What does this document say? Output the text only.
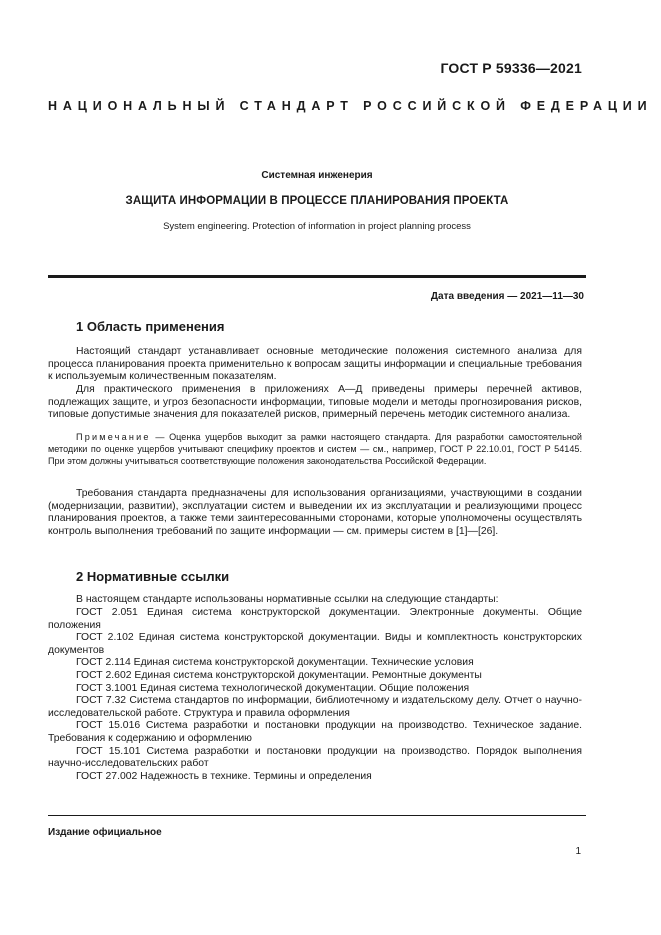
ГОСТ Р 59336—2021
НАЦИОНАЛЬНЫЙ СТАНДАРТ РОССИЙСКОЙ ФЕДЕРАЦИИ
Системная инженерия
ЗАЩИТА ИНФОРМАЦИИ В ПРОЦЕССЕ ПЛАНИРОВАНИЯ ПРОЕКТА
System engineering. Protection of information in project planning process
Дата введения — 2021—11—30
1 Область применения

Настоящий стандарт устанавливает основные методические положения системного анализа для процесса планирования проекта применительно к вопросам защиты информации и специальные требования к используемым количественным показателям.

Для практического применения в приложениях А—Д приведены примеры перечней активов, подлежащих защите, и угроз безопасности информации, типовые модели и методы прогнозирования рисков, типовые допустимые значения для показателей рисков, примерный перечень методик системного анализа.

Примечание — Оценка ущербов выходит за рамки настоящего стандарта. Для разработки самостоятельной методики по оценке ущербов учитывают специфику проектов и систем — см., например, ГОСТ Р 22.10.01, ГОСТ Р 54145. При этом должны учитываться соответствующие положения законодательства Российской Федерации.

Требования стандарта предназначены для использования организациями, участвующими в создании (модернизации, развитии), эксплуатации систем и выведении их из эксплуатации и реализующими процесс планирования проектов, а также теми заинтересованными сторонами, которые уполномочены осуществлять контроль выполнения требований по защите информации — см. примеры систем в [1]—[26].

2 Нормативные ссылки

В настоящем стандарте использованы нормативные ссылки на следующие стандарты:

ГОСТ 2.051 Единая система конструкторской документации. Электронные документы. Общие положения
ГОСТ 2.102 Единая система конструкторской документации. Виды и комплектность конструкторских документов
ГОСТ 2.114 Единая система конструкторской документации. Технические условия
ГОСТ 2.602 Единая система конструкторской документации. Ремонтные документы
ГОСТ 3.1001 Единая система технологической документации. Общие положения
ГОСТ 7.32 Система стандартов по информации, библиотечному и издательскому делу. Отчет о научно-исследовательской работе. Структура и правила оформления
ГОСТ 15.016 Система разработки и постановки продукции на производство. Техническое задание. Требования к содержанию и оформлению
ГОСТ 15.101 Система разработки и постановки продукции на производство. Порядок выполнения научно-исследовательских работ
ГОСТ 27.002 Надежность в технике. Термины и определения
Издание официальное
1
